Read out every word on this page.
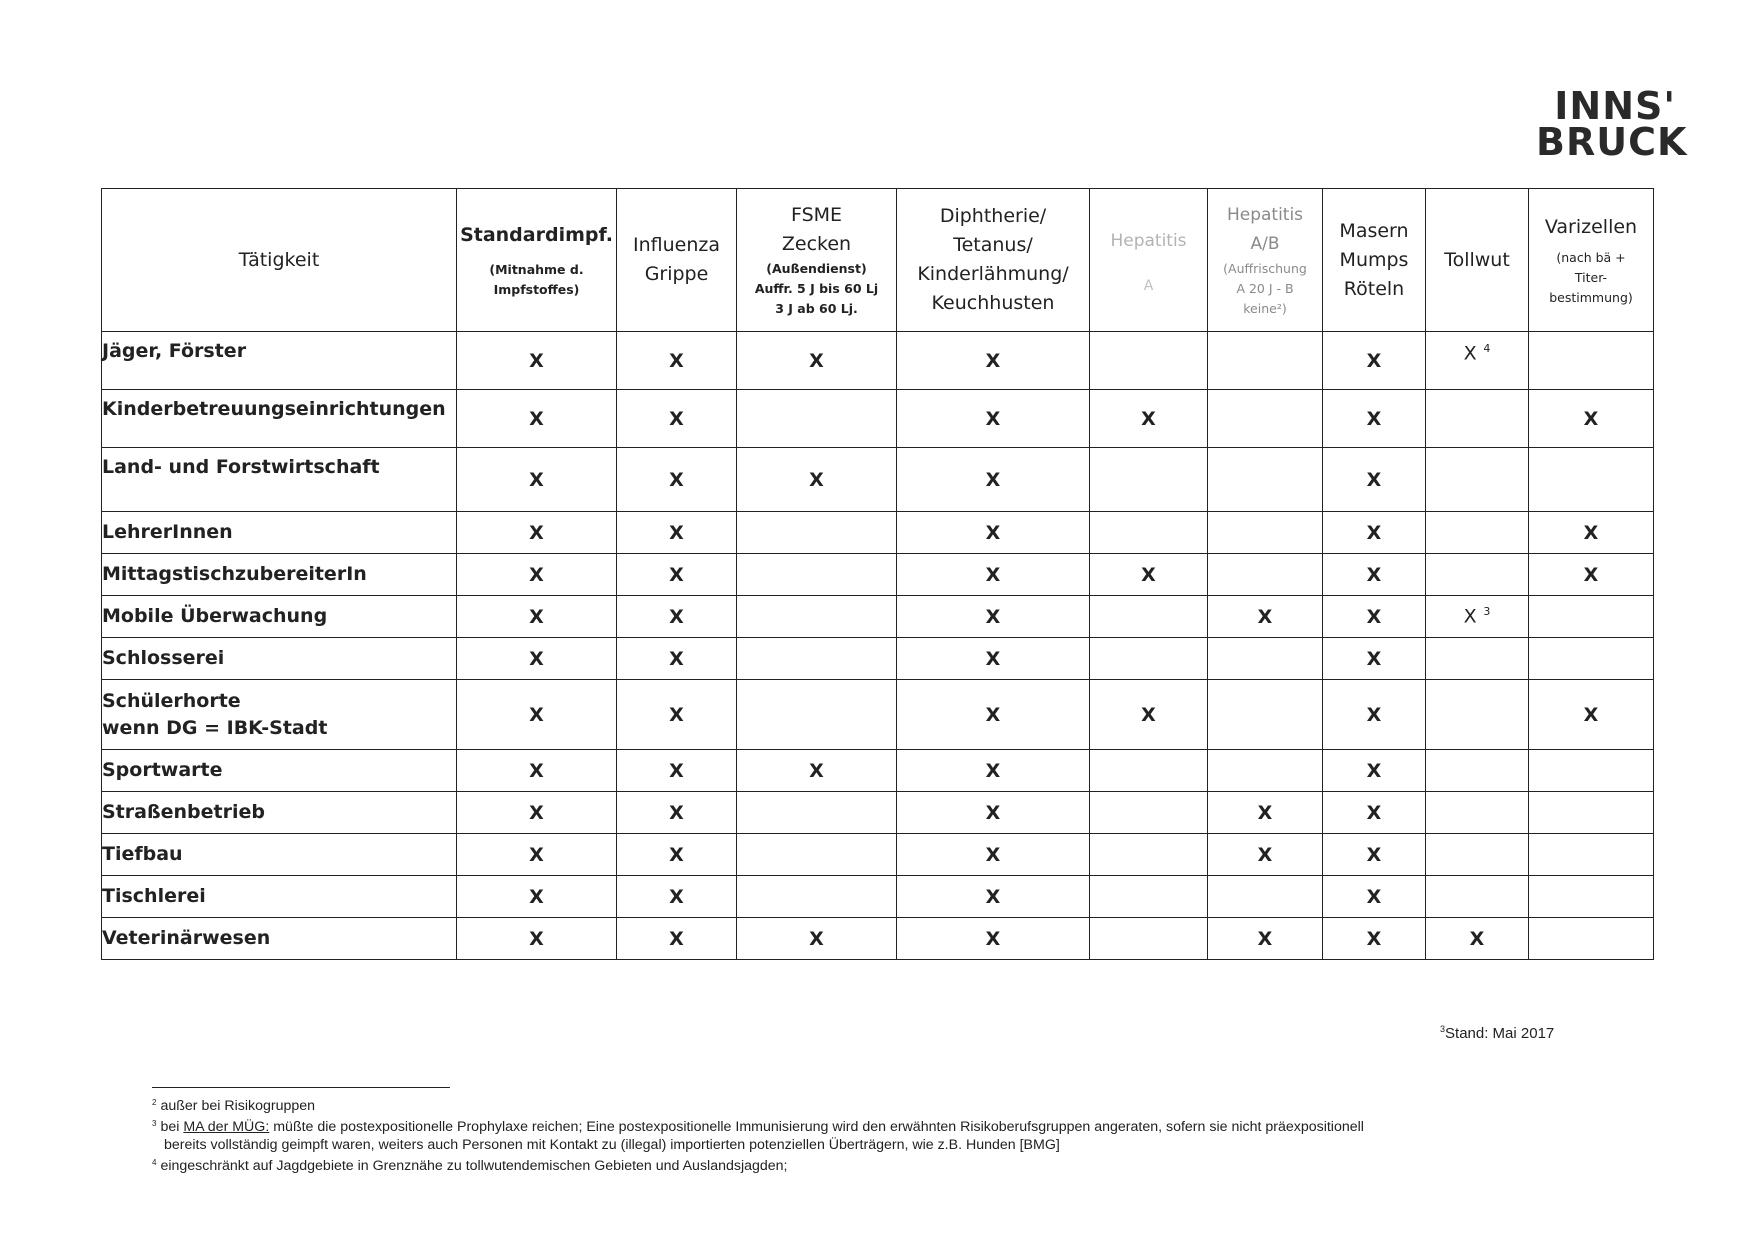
INNS'
BRUCK
Tätigkeit	Standardimpf.
(Mitnahme d.
Impfstoffes)	Influenza
Grippe	FSME
Zecken
(Außendienst)
Auffr. 5 J bis 60 Lj
3 J ab 60 Lj.	Diphtherie/
Tetanus/
Kinderlähmung/
Keuchhusten	Hepatitis
A	Hepatitis
A/B
(Auffrischung
A 20 J - B
keine²)	Masern
Mumps
Röteln	Tollwut	Varizellen
(nach bä +
Titer-
bestimmung)

Jäger, Förster	X	X	X	X			X	X $^4$	
Kinderbetreuungseinrichtungen	X	X		X	X		X		X
Land- und Forstwirtschaft	X	X	X	X			X		
LehrerInnen	X	X		X			X		X
MittagstischzubereiterIn	X	X		X	X		X		X
Mobile Überwachung	X	X		X		X	X	X $^3$	
Schlosserei	X	X		X			X		
Schülerhorte
wenn DG = IBK-Stadt	X	X		X	X		X		X
Sportwarte	X	X	X	X			X		
Straßenbetrieb	X	X		X		X	X		
Tiefbau	X	X		X		X	X		
Tischlerei	X	X		X			X		
Veterinärwesen	X	X	X	X		X	X	X	
$^3$Stand: Mai 2017

$^2$ außer bei Risikogruppen

$^3$ bei MA der MÜG: müßte die postexpositionelle Prophylaxe reichen; Eine postexpositionelle Immunisierung wird den erwähnten Risikoberufsgruppen angeraten, sofern sie nicht präexpositionell

bereits vollständig geimpft waren, weiters auch Personen mit Kontakt zu (illegal) importierten potenziellen Überträgern, wie z.B. Hunden [BMG]

$^4$ eingeschränkt auf Jagdgebiete in Grenznähe zu tollwutendemischen Gebieten und Auslandsjagden;
